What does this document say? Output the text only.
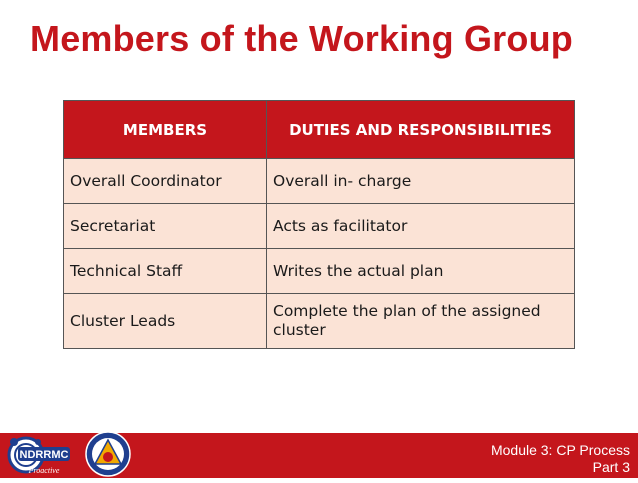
Members of the Working Group
MEMBERS	DUTIES AND RESPONSIBILITIES
Overall Coordinator	Overall in- charge
Secretariat	Acts as facilitator
Technical Staff	Writes the actual plan
Cluster Leads	Complete the plan of the assigned cluster
NDRRMC
Proactive
Module 3: CP Process
Part 3
